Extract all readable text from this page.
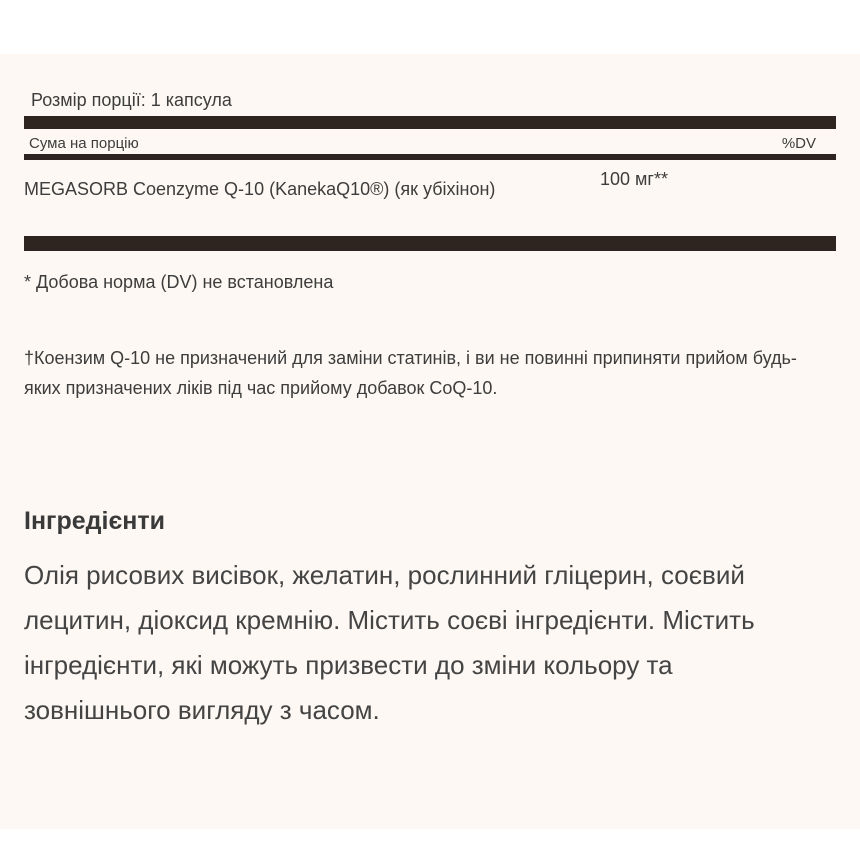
Розмір порції: 1 капсула
Сума на порцію	%DV
MEGASORB Coenzyme Q-10 (KanekaQ10®) (як убіхінон)	100 мг**
* Добова норма (DV) не встановлена
†Коензим Q-10 не призначений для заміни статинів, і ви не повинні припиняти прийом будь-яких призначених ліків під час прийому добавок CoQ-10.
Інгредієнти
Олія рисових висівок, желатин, рослинний гліцерин, соєвий лецитин, діоксид кремнію. Містить соєві інгредієнти. Містить інгредієнти, які можуть призвести до зміни кольору та зовнішнього вигляду з часом.
